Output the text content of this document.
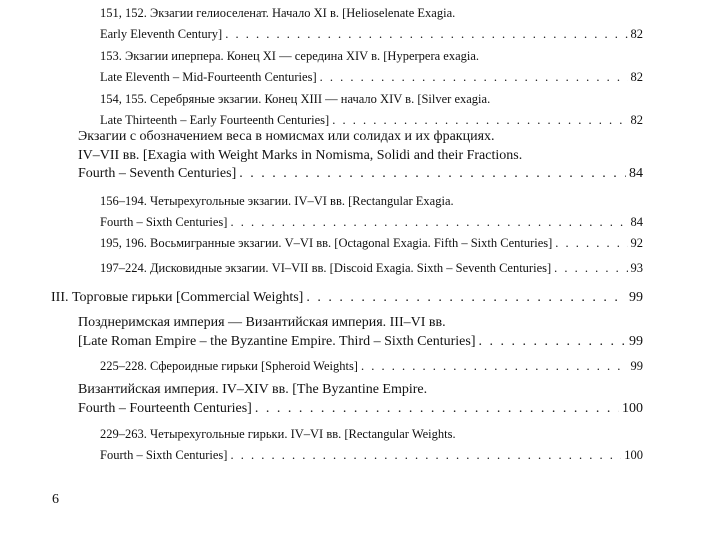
151, 152. Экзагии гелиоселенат. Начало XI в. [Helioselenate Exagia.
Early Eleventh Century] . . .	82
153. Экзагии иперпера. Конец XI — середина XIV в. [Hyperpera exagia.
Late Eleventh – Mid-Fourteenth Centuries] . . .	82
154, 155. Серебряные экзагии. Конец XIII — начало XIV в. [Silver exagia.
Late Thirteenth – Early Fourteenth Centuries] . . .	82
Экзагии с обозначением веса в номисмах или солидах и их фракциях.
IV–VII вв. [Exagia with Weight Marks in Nomisma, Solidi and their Fractions.
Fourth – Seventh Centuries] . . .	84
156–194. Четырехугольные экзагии. IV–VI вв. [Rectangular Exagia.
Fourth – Sixth Centuries] . . .	84
195, 196. Восьмигранные экзагии. V–VI вв. [Octagonal Exagia. Fifth – Sixth Centuries] . . .	92
197–224. Дисковидные экзагии. VI–VII вв. [Discoid Exagia. Sixth – Seventh Centuries] . . .	93
III. Торговые гирьки [Commercial Weights] . . .	99
Позднеримская империя — Византийская империя. III–VI вв.
[Late Roman Empire – the Byzantine Empire. Third – Sixth Centuries] . . .	99
225–228. Сфероидные гирьки [Spheroid Weights] . . .	99
Византийская империя. IV–XIV вв. [The Byzantine Empire.
Fourth – Fourteenth Centuries] . . .	100
229–263. Четырехугольные гирьки. IV–VI вв. [Rectangular Weights.
Fourth – Sixth Centuries] . . .	100
6
